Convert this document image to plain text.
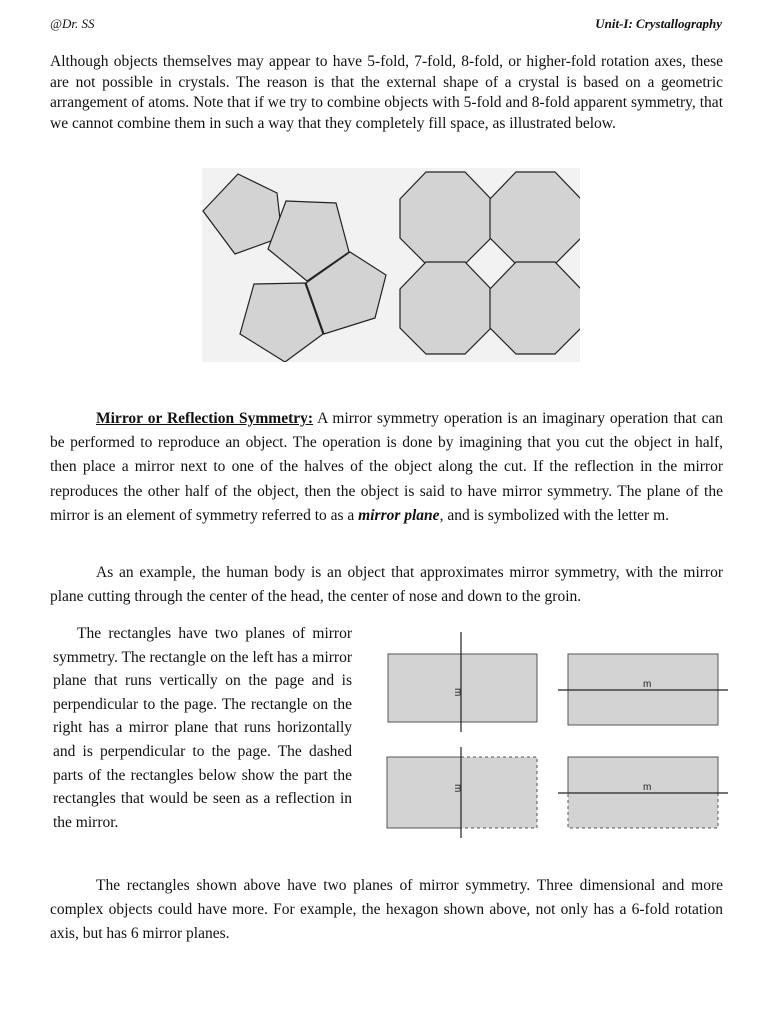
@Dr. SS	Unit-I: Crystallography

Although objects themselves may appear to have 5-fold, 7-fold, 8-fold, or higher-fold rotation axes, these are not possible in crystals. The reason is that the external shape of a crystal is based on a geometric arrangement of atoms. Note that if we try to combine objects with 5-fold and 8-fold apparent symmetry, that we cannot combine them in such a way that they completely fill space, as illustrated below.

Mirror or Reflection Symmetry: A mirror symmetry operation is an imaginary operation that can be performed to reproduce an object. The operation is done by imagining that you cut the object in half, then place a mirror next to one of the halves of the object along the cut. If the reflection in the mirror reproduces the other half of the object, then the object is said to have mirror symmetry. The plane of the mirror is an element of symmetry referred to as a mirror plane, and is symbolized with the letter m.

As an example, the human body is an object that approximates mirror symmetry, with the mirror plane cutting through the center of the head, the center of nose and down to the groin.

The rectangles have two planes of mirror symmetry. The rectangle on the left has a mirror plane that runs vertically on the page and is perpendicular to the page. The rectangle on the right has a mirror plane that runs horizontally and is perpendicular to the page. The dashed parts of the rectangles below show the part the rectangles that would be seen as a reflection in the mirror.

m
m
m	m

The rectangles shown above have two planes of mirror symmetry. Three dimensional and more complex objects could have more. For example, the hexagon shown above, not only has a 6-fold rotation axis, but has 6 mirror planes.
